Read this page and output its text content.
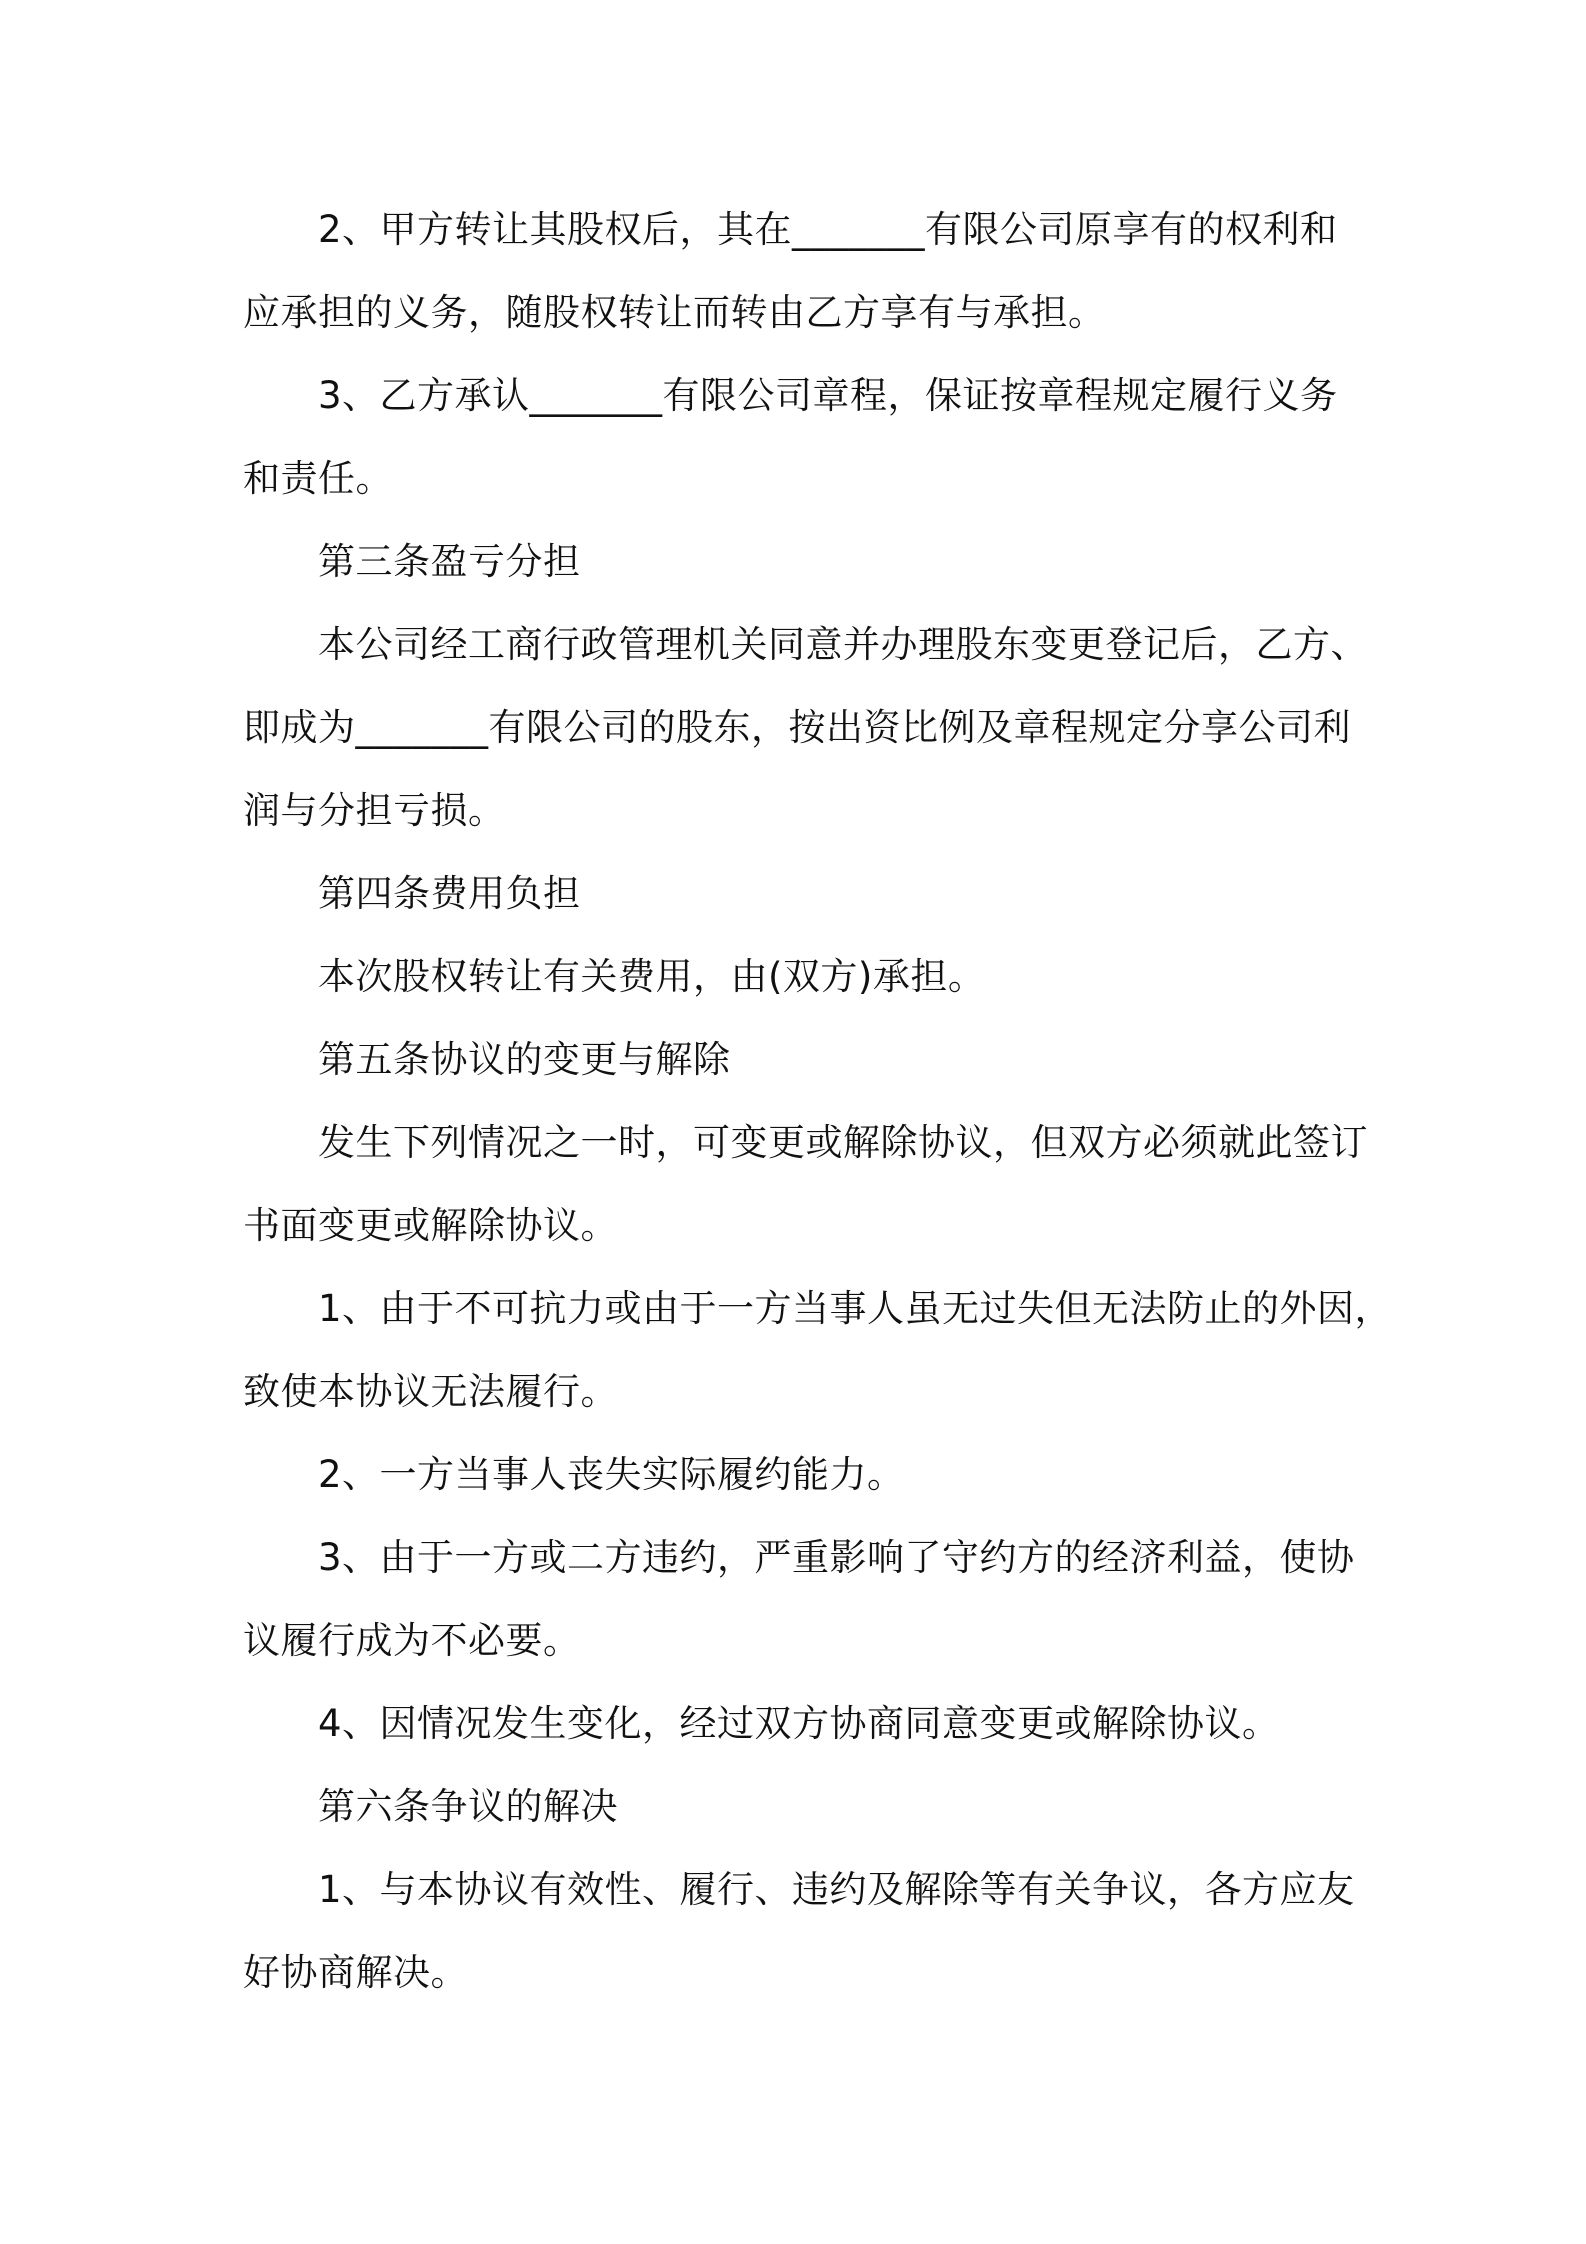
2、甲方转让其股权后，其在_______有限公司原享有的权利和
应承担的义务，随股权转让而转由乙方享有与承担。
3、乙方承认_______有限公司章程，保证按章程规定履行义务
和责任。
第三条盈亏分担
本公司经工商行政管理机关同意并办理股东变更登记后，乙方、
即成为_______有限公司的股东，按出资比例及章程规定分享公司利
润与分担亏损。
第四条费用负担
本次股权转让有关费用，由(双方)承担。
第五条协议的变更与解除
发生下列情况之一时，可变更或解除协议，但双方必须就此签订
书面变更或解除协议。
1、由于不可抗力或由于一方当事人虽无过失但无法防止的外因，
致使本协议无法履行。
2、一方当事人丧失实际履约能力。
3、由于一方或二方违约，严重影响了守约方的经济利益，使协
议履行成为不必要。
4、因情况发生变化，经过双方协商同意变更或解除协议。
第六条争议的解决
1、与本协议有效性、履行、违约及解除等有关争议，各方应友
好协商解决。
